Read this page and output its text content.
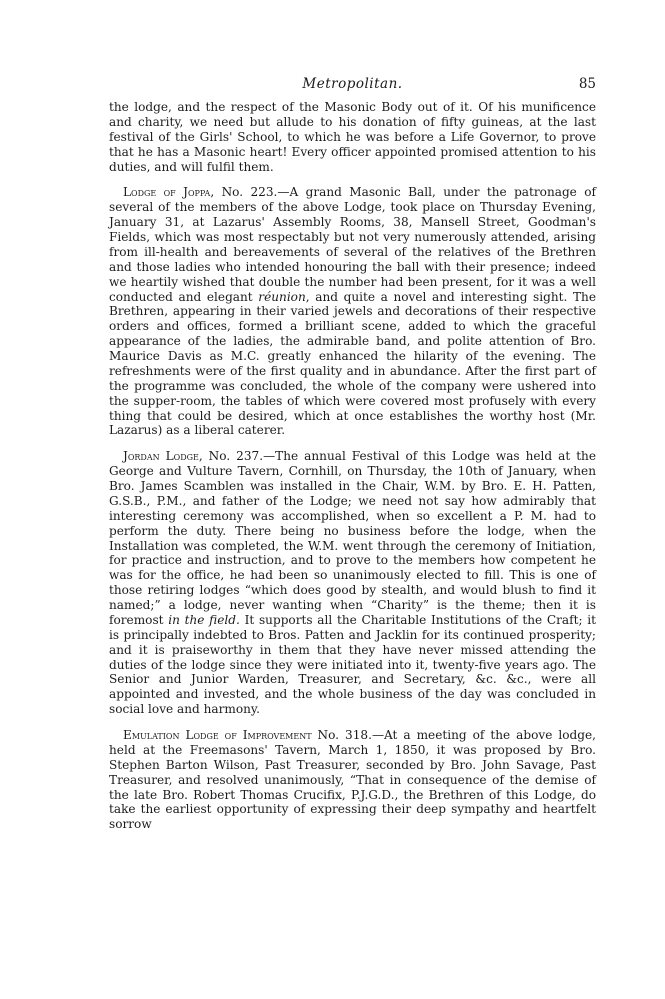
Metropolitan.	85

the lodge, and the respect of the Masonic Body out of it. Of his munificence and charity, we need but allude to his donation of fifty guineas, at the last festival of the Girls' School, to which he was before a Life Governor, to prove that he has a Masonic heart! Every officer appointed promised attention to his duties, and will fulfil them.

Lodge of Joppa, No. 223.—A grand Masonic Ball, under the patronage of several of the members of the above Lodge, took place on Thursday Evening, January 31, at Lazarus' Assembly Rooms, 38, Mansell Street, Goodman's Fields, which was most respectably but not very numerously attended, arising from ill-health and bereavements of several of the relatives of the Brethren and those ladies who intended honouring the ball with their presence; indeed we heartily wished that double the number had been present, for it was a well conducted and elegant réunion, and quite a novel and interesting sight. The Brethren, appearing in their varied jewels and decorations of their respective orders and offices, formed a brilliant scene, added to which the graceful appearance of the ladies, the admirable band, and polite attention of Bro. Maurice Davis as M.C. greatly enhanced the hilarity of the evening. The refreshments were of the first quality and in abundance. After the first part of the programme was concluded, the whole of the company were ushered into the supper-room, the tables of which were covered most profusely with every thing that could be desired, which at once establishes the worthy host (Mr. Lazarus) as a liberal caterer.

Jordan Lodge, No. 237.—The annual Festival of this Lodge was held at the George and Vulture Tavern, Cornhill, on Thursday, the 10th of January, when Bro. James Scamblen was installed in the Chair, W.M. by Bro. E. H. Patten, G.S.B., P.M., and father of the Lodge; we need not say how admirably that interesting ceremony was accomplished, when so excellent a P. M. had to perform the duty. There being no business before the lodge, when the Installation was completed, the W.M. went through the ceremony of Initiation, for practice and instruction, and to prove to the members how competent he was for the office, he had been so unanimously elected to fill. This is one of those retiring lodges “which does good by stealth, and would blush to find it named;” a lodge, never wanting when “Charity” is the theme; then it is foremost in the field. It supports all the Charitable Institutions of the Craft; it is principally indebted to Bros. Patten and Jacklin for its continued prosperity; and it is praiseworthy in them that they have never missed attending the duties of the lodge since they were initiated into it, twenty-five years ago. The Senior and Junior Warden, Treasurer, and Secretary, &c. &c., were all appointed and invested, and the whole business of the day was concluded in social love and harmony.

Emulation Lodge of Improvement No. 318.—At a meeting of the above lodge, held at the Freemasons' Tavern, March 1, 1850, it was proposed by Bro. Stephen Barton Wilson, Past Treasurer, seconded by Bro. John Savage, Past Treasurer, and resolved unanimously, “That in consequence of the demise of the late Bro. Robert Thomas Crucifix, P.J.G.D., the Brethren of this Lodge, do take the earliest opportunity of expressing their deep sympathy and heartfelt sorrow
